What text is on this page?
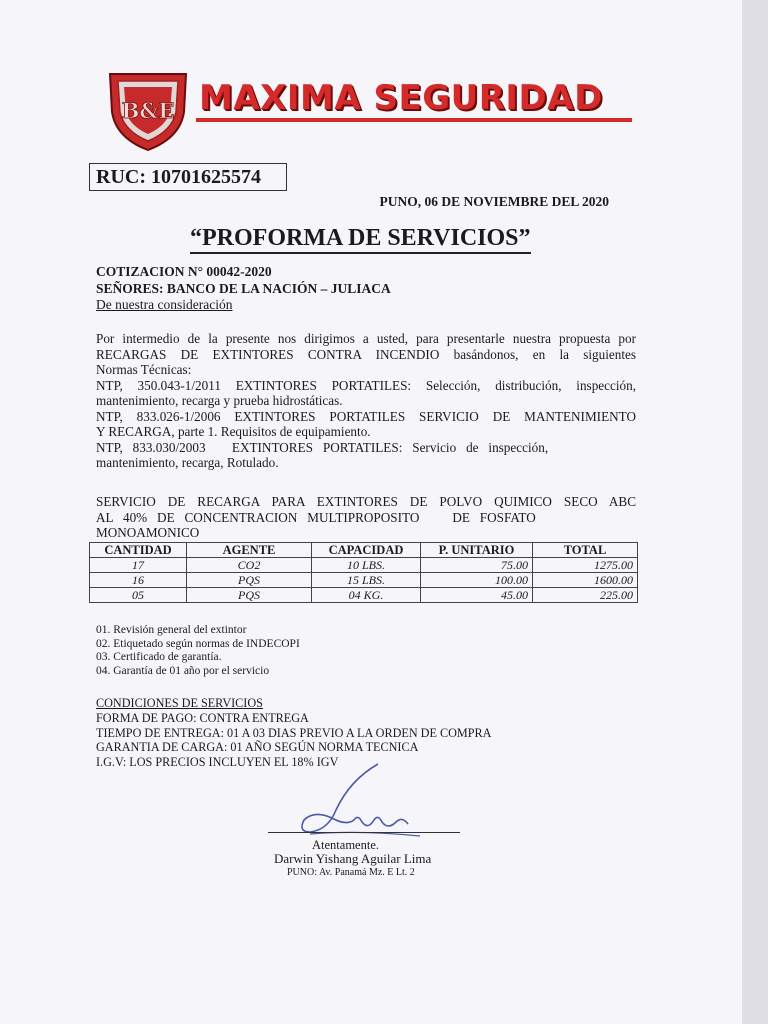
B&E MAXIMA SEGURIDAD
RUC: 10701625574
PUNO, 06 DE NOVIEMBRE DEL 2020
“PROFORMA DE SERVICIOS”
COTIZACION N° 00042-2020
SEÑORES: BANCO DE LA NACIÓN – JULIACA
De nuestra consideración
Por intermedio de la presente nos dirigimos a usted, para presentarle nuestra propuesta por
RECARGAS DE EXTINTORES CONTRA INCENDIO basándonos, en la siguientes
Normas Técnicas:
NTP, 350.043-1/2011 EXTINTORES PORTATILES: Selección, distribución, inspección,
mantenimiento, recarga y prueba hidrostáticas.
NTP, 833.026-1/2006 EXTINTORES PORTATILES SERVICIO DE MANTENIMIENTO
Y RECARGA, parte 1. Requisitos de equipamiento.
NTP,   833.030/2003        EXTINTORES   PORTATILES:   Servicio   de   inspección,
mantenimiento, recarga, Rotulado.
SERVICIO DE RECARGA PARA EXTINTORES DE POLVO QUIMICO SECO ABC
AL   40%   DE   CONCENTRACION   MULTIPROPOSITO          DE   FOSFATO
MONOAMONICO
CANTIDAD	AGENTE	CAPACIDAD	P. UNITARIO	TOTAL
17	CO2	10 LBS.	75.00	1275.00
16	PQS	15 LBS.	100.00	1600.00
05	PQS	04 KG.	45.00	225.00
01. Revisión general del extintor
02. Etiquetado según normas de INDECOPI
03. Certificado de garantía.
04. Garantía de 01 año por el servicio
CONDICIONES DE SERVICIOS
FORMA DE PAGO: CONTRA ENTREGA
TIEMPO DE ENTREGA: 01 A 03 DIAS PREVIO A LA ORDEN DE COMPRA
GARANTIA DE CARGA: 01 AÑO SEGÚN NORMA TECNICA
I.G.V: LOS PRECIOS INCLUYEN EL 18% IGV
Atentamente.
Darwin Yishang Aguilar Lima
PUNO: Av. Panamá Mz. E Lt. 2
